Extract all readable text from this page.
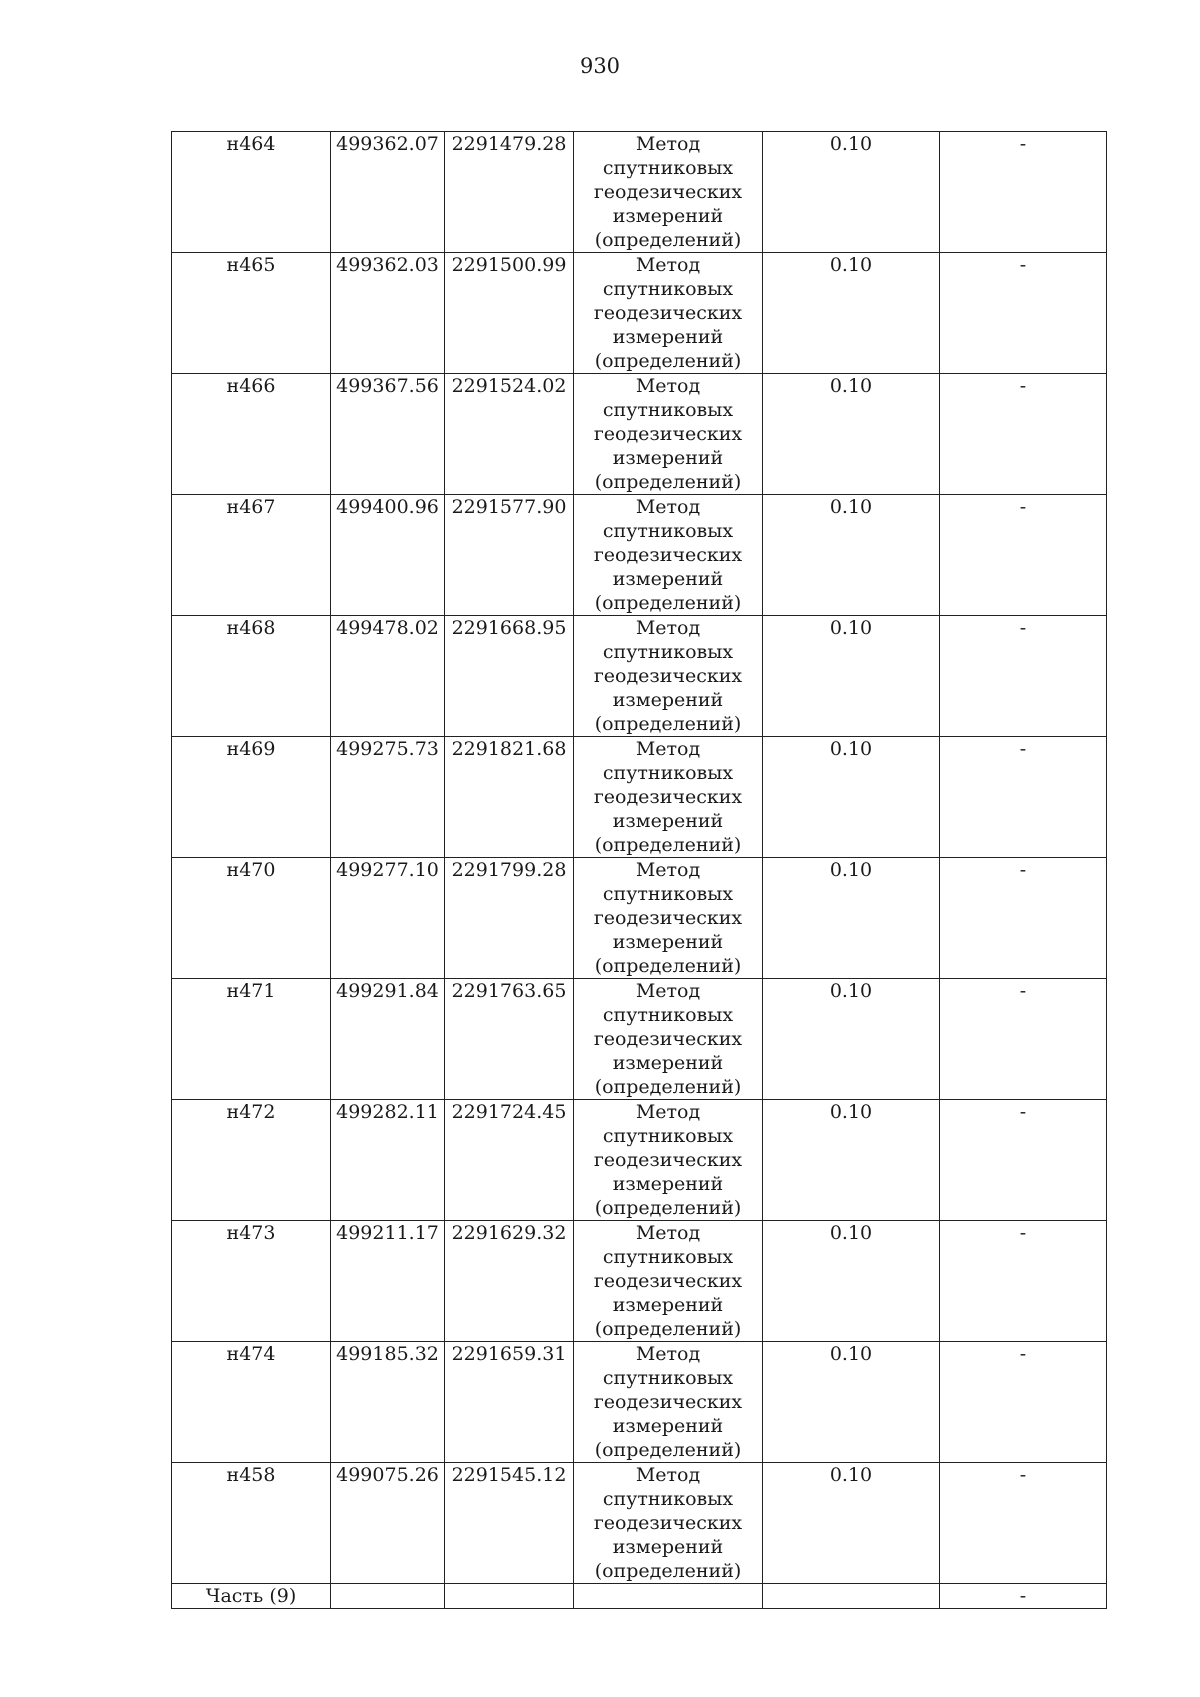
930
н464	499362.07	2291479.28	Метод спутниковых геодезических измерений (определений)	0.10	-
н465	499362.03	2291500.99	Метод спутниковых геодезических измерений (определений)	0.10	-
н466	499367.56	2291524.02	Метод спутниковых геодезических измерений (определений)	0.10	-
н467	499400.96	2291577.90	Метод спутниковых геодезических измерений (определений)	0.10	-
н468	499478.02	2291668.95	Метод спутниковых геодезических измерений (определений)	0.10	-
н469	499275.73	2291821.68	Метод спутниковых геодезических измерений (определений)	0.10	-
н470	499277.10	2291799.28	Метод спутниковых геодезических измерений (определений)	0.10	-
н471	499291.84	2291763.65	Метод спутниковых геодезических измерений (определений)	0.10	-
н472	499282.11	2291724.45	Метод спутниковых геодезических измерений (определений)	0.10	-
н473	499211.17	2291629.32	Метод спутниковых геодезических измерений (определений)	0.10	-
н474	499185.32	2291659.31	Метод спутниковых геодезических измерений (определений)	0.10	-
н458	499075.26	2291545.12	Метод спутниковых геодезических измерений (определений)	0.10	-
Часть (9)					-
